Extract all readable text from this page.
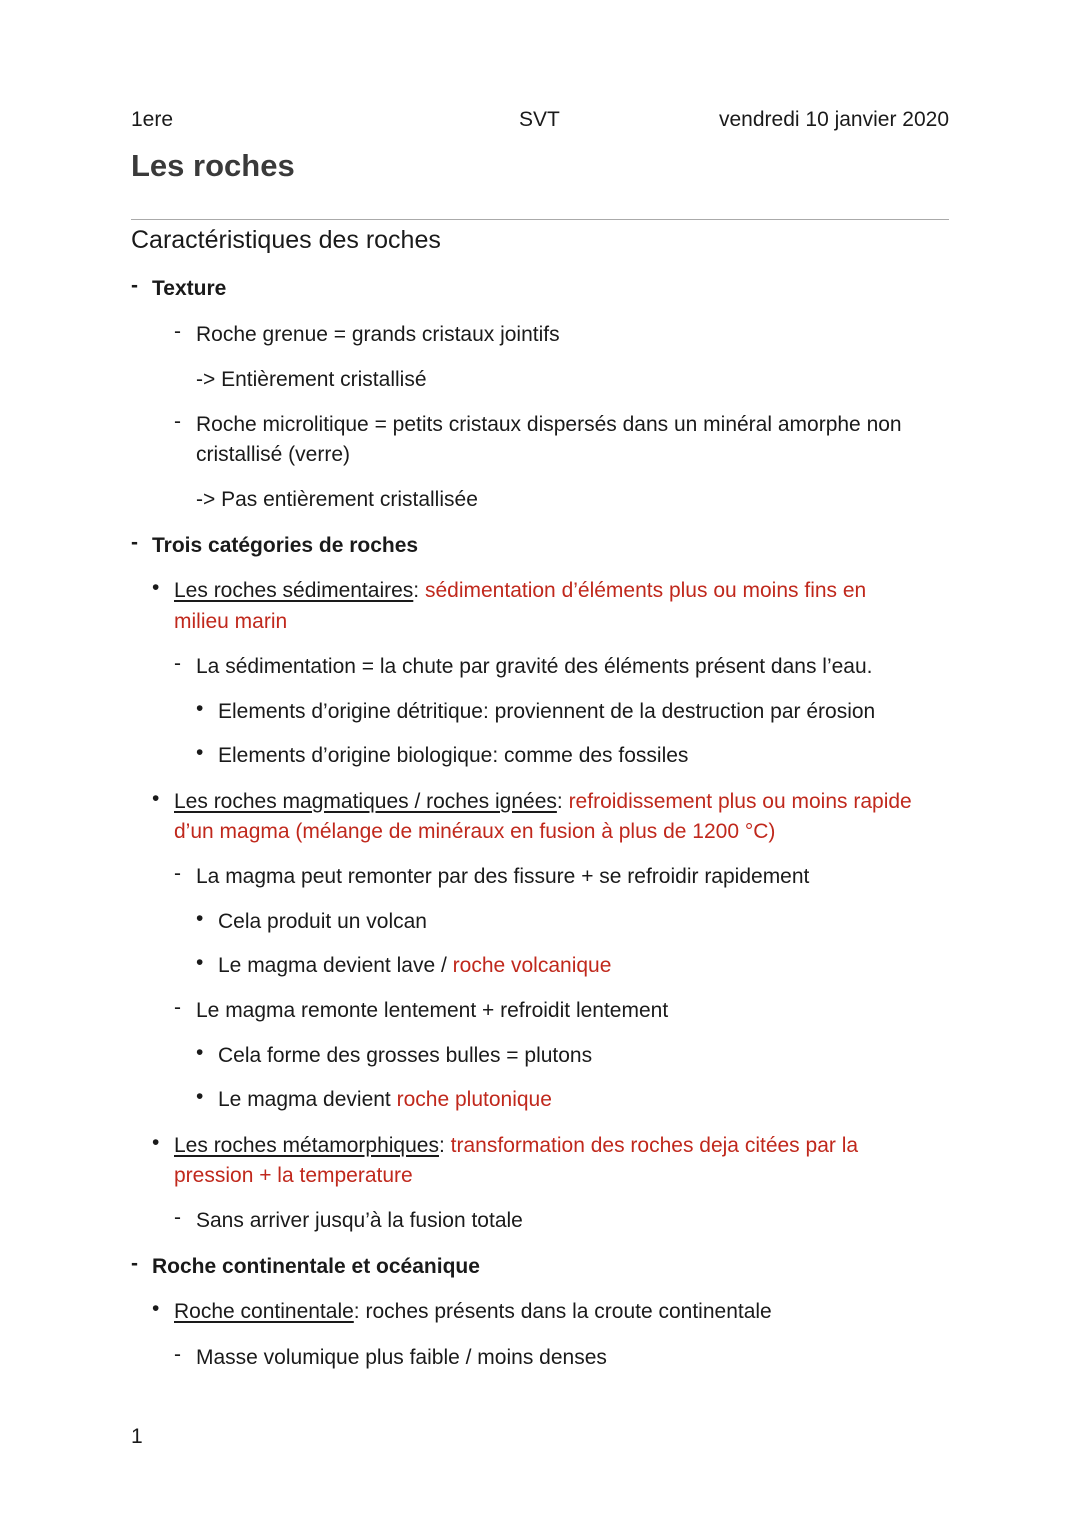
1ere	SVT	vendredi 10 janvier 2020
Les roches
Caractéristiques des roches
- Texture
- Roche grenue = grands cristaux jointifs
-> Entièrement cristallisé
- Roche microlitique = petits cristaux dispersés dans un minéral amorphe non
cristallisé (verre)
-> Pas entièrement cristallisée
- Trois catégories de roches
• Les roches sédimentaires: sédimentation d’éléments plus ou moins fins en
milieu marin
- La sédimentation = la chute par gravité des éléments présent dans l’eau.
• Elements d’origine détritique: proviennent de la destruction par érosion
• Elements d’origine biologique: comme des fossiles
• Les roches magmatiques / roches ignées: refroidissement plus ou moins rapide
d’un magma (mélange de minéraux en fusion à plus de 1200 °C)
- La magma peut remonter par des fissure + se refroidir rapidement
• Cela produit un volcan
• Le magma devient lave / roche volcanique
- Le magma remonte lentement + refroidit lentement
• Cela forme des grosses bulles = plutons
• Le magma devient roche plutonique
• Les roches métamorphiques: transformation des roches deja citées par la
pression + la temperature
- Sans arriver jusqu’à la fusion totale
- Roche continentale et océanique
• Roche continentale: roches présents dans la croute continentale
- Masse volumique plus faible / moins denses
1
